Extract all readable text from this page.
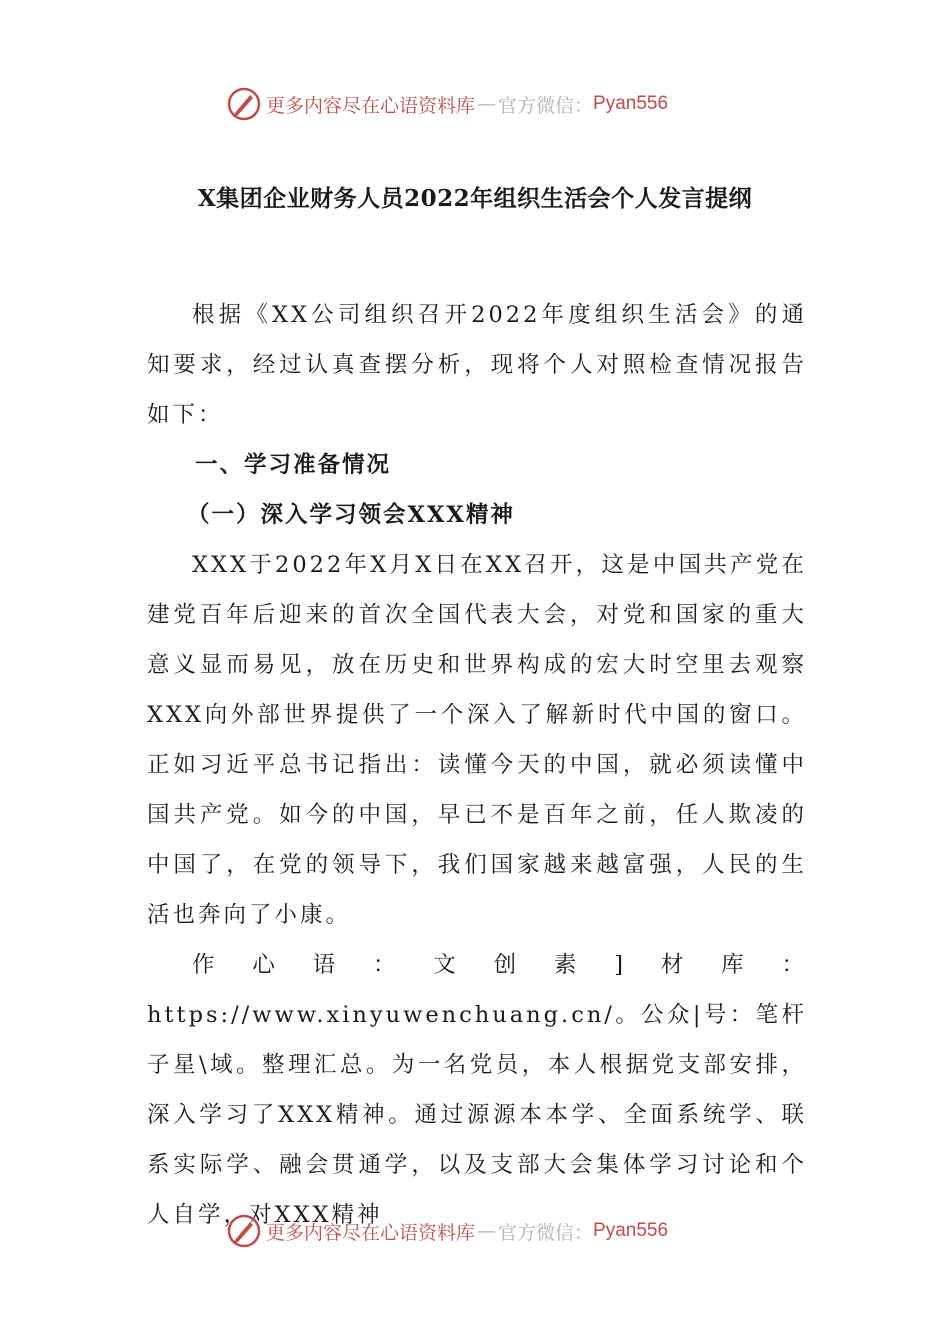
更多内容尽在心语资料库 — 官方微信： Pyan556
X集团企业财务人员2022年组织生活会个人发言提纲

根据《XX公司组织召开2022年度组织生活会》的通知要求，经过认真查摆分析，现将个人对照检查情况报告如下：

一、学习准备情况

（一）深入学习领会XXX精神

XXX于2022年X月X日在XX召开，这是中国共产党在建党百年后迎来的首次全国代表大会，对党和国家的重大意义显而易见，放在历史和世界构成的宏大时空里去观察XXX向外部世界提供了一个深入了解新时代中国的窗口。正如习近平总书记指出：读懂今天的中国，就必须读懂中国共产党。如今的中国，早已不是百年之前，任人欺凌的中国了，在党的领导下，我们国家越来越富强，人民的生活也奔向了小康。

作心语：文创素]材库：https://www.xinyuwenchuang.cn/。公众|号：笔杆子星\域。整理汇总。为一名党员，本人根据党支部安排，深入学习了XXX精神。通过源源本本学、全面系统学、联系实际学、融会贯通学，以及支部大会集体学习讨论和个人自学，对XXX精神

更多内容尽在心语资料库 — 官方微信： Pyan556
